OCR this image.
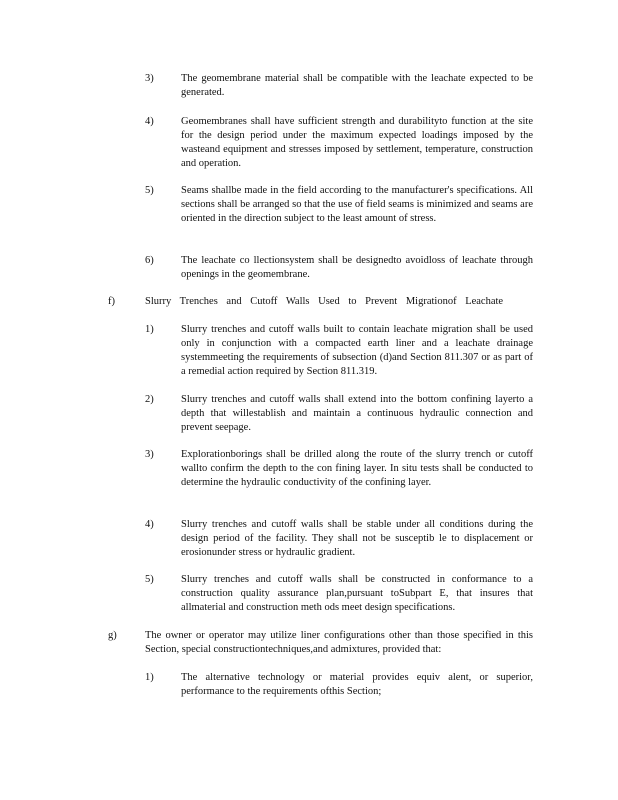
3)	The geomembrane material shall be compatible with the leachate expected to be generated.
4)	Geomembranes shall have sufficient strength and durabilityto function at the site for the design period under the maximum expected loadings imposed by the wasteand equipment and stresses imposed by settlement, temperature, construction and operation.
5)	Seams shallbe made in the field according to the manufacturer's specifications. All sections shall be arranged so that the use of field seams is minimized and seams are oriented in the direction subject to the least amount of stress.
6)	The leachate co llectionsystem shall be designedto avoidloss of leachate through openings in the geomembrane.
f)	Slurry Trenches and Cutoff Walls Used to Prevent Migrationof Leachate
1)	Slurry trenches and cutoff walls built to contain leachate migration shall be used only in conjunction with a compacted earth liner and a leachate drainage systemmeeting the requirements of subsection (d)and Section 811.307 or as part of a remedial action required by Section 811.319.
2)	Slurry trenches and cutoff walls shall extend into the bottom confining layerto a depth that willestablish and maintain a continuous hydraulic connection and prevent seepage.
3)	Explorationborings shall be drilled along the route of the slurry trench or cutoff wallto confirm the depth to the con fining layer. In situ tests shall be conducted to determine the hydraulic conductivity of the confining layer.
4)	Slurry trenches and cutoff walls shall be stable under all conditions during the design period of the facility. They shall not be susceptib le to displacement or erosionunder stress or hydraulic gradient.
5)	Slurry trenches and cutoff walls shall be constructed in conformance to a construction quality assurance plan,pursuant toSubpart E, that insures that allmaterial and construction meth ods meet design specifications.
g)	The owner or operator may utilize liner configurations other than those specified in this Section, special constructiontechniques,and admixtures, provided that:
1)	The alternative technology or material provides equiv alent, or superior, performance to the requirements ofthis Section;
